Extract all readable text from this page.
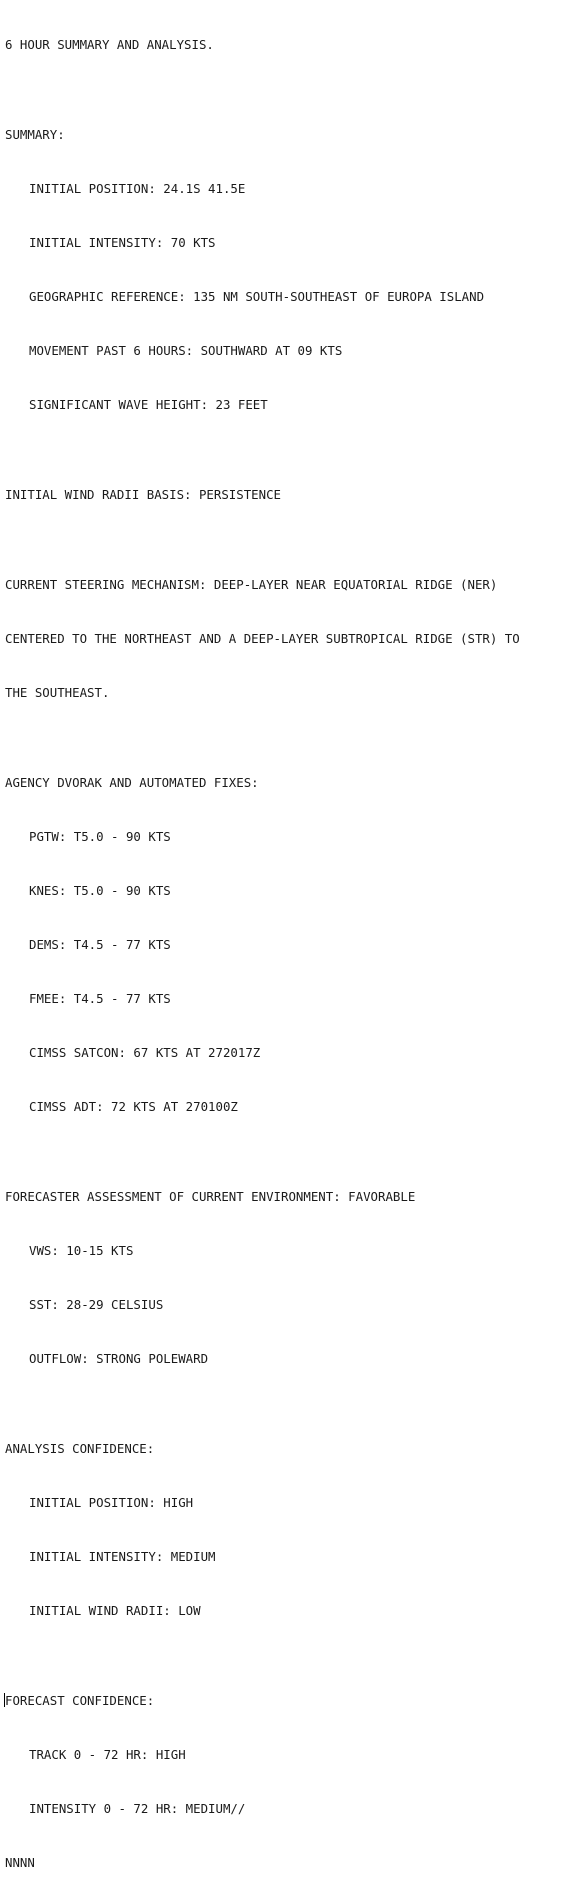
6 HOUR SUMMARY AND ANALYSIS.

SUMMARY:

INITIAL POSITION: 24.1S 41.5E

INITIAL INTENSITY: 70 KTS

GEOGRAPHIC REFERENCE: 135 NM SOUTH-SOUTHEAST OF EUROPA ISLAND

MOVEMENT PAST 6 HOURS: SOUTHWARD AT 09 KTS

SIGNIFICANT WAVE HEIGHT: 23 FEET

INITIAL WIND RADII BASIS: PERSISTENCE

CURRENT STEERING MECHANISM: DEEP-LAYER NEAR EQUATORIAL RIDGE (NER)

CENTERED TO THE NORTHEAST AND A DEEP-LAYER SUBTROPICAL RIDGE (STR) TO

THE SOUTHEAST.

AGENCY DVORAK AND AUTOMATED FIXES:

PGTW: T5.0 - 90 KTS

KNES: T5.0 - 90 KTS

DEMS: T4.5 - 77 KTS

FMEE: T4.5 - 77 KTS

CIMSS SATCON: 67 KTS AT 272017Z

CIMSS ADT: 72 KTS AT 270100Z

FORECASTER ASSESSMENT OF CURRENT ENVIRONMENT: FAVORABLE

VWS: 10-15 KTS

SST: 28-29 CELSIUS

OUTFLOW: STRONG POLEWARD

ANALYSIS CONFIDENCE:

INITIAL POSITION: HIGH

INITIAL INTENSITY: MEDIUM

INITIAL WIND RADII: LOW

FORECAST CONFIDENCE:

TRACK 0 - 72 HR: HIGH

INTENSITY 0 - 72 HR: MEDIUM//

NNNN
